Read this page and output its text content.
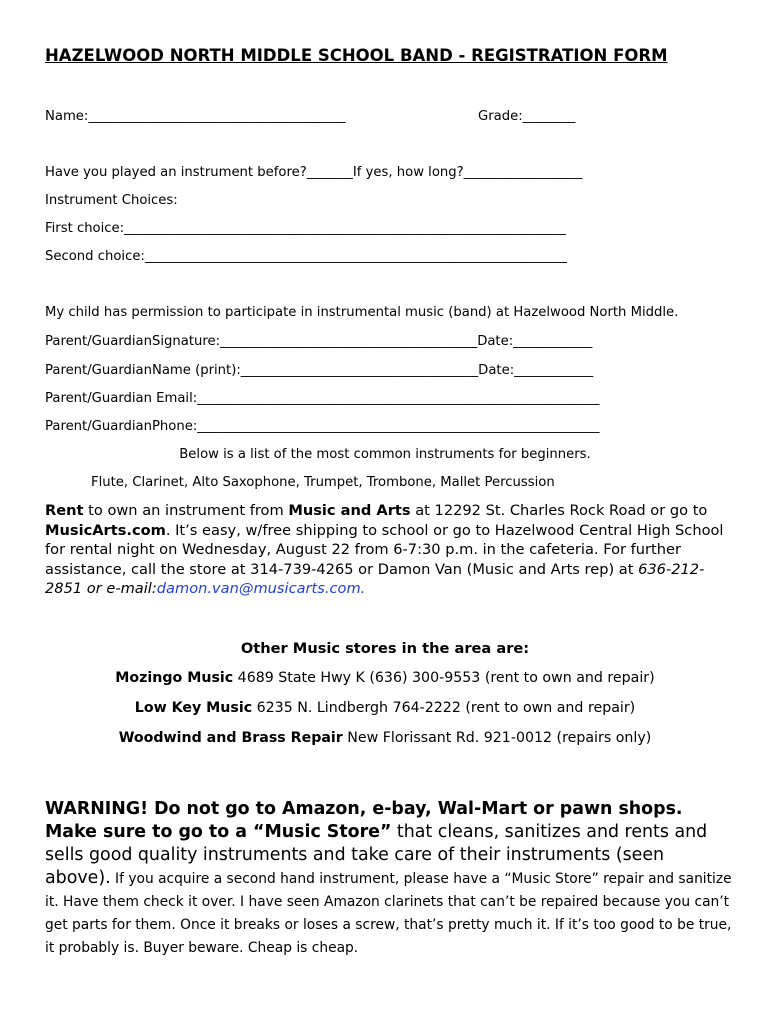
HAZELWOOD NORTH MIDDLE SCHOOL BAND - REGISTRATION FORM
Name:_______________________________________	Grade:________
Have you played an instrument before?_______If yes, how long?__________________
Instrument Choices:
First choice:___________________________________________________________________
Second choice:________________________________________________________________
My child has permission to participate in instrumental music (band) at Hazelwood North Middle.
Parent/GuardianSignature:_______________________________________Date:____________
Parent/GuardianName (print):____________________________________Date:____________
Parent/Guardian Email:_____________________________________________________________
Parent/GuardianPhone:_____________________________________________________________
Below is a list of the most common instruments for beginners.
Flute, Clarinet, Alto Saxophone, Trumpet, Trombone, Mallet Percussion
Rent to own an instrument from Music and Arts at 12292 St. Charles Rock Road or go to MusicArts.com. It’s easy, w/free shipping to school or go to Hazelwood Central High School for rental night on Wednesday, August 22 from 6-7:30 p.m. in the cafeteria. For further assistance, call the store at 314-739-4265 or Damon Van (Music and Arts rep) at 636-212-2851 or e-mail:damon.van@musicarts.com.
Other Music stores in the area are:
Mozingo Music 4689 State Hwy K (636) 300-9553 (rent to own and repair)
Low Key Music 6235 N. Lindbergh 764-2222 (rent to own and repair)
Woodwind and Brass Repair New Florissant Rd. 921-0012 (repairs only)
WARNING! Do not go to Amazon, e-bay, Wal-Mart or pawn shops. Make sure to go to a “Music Store” that cleans, sanitizes and rents and sells good quality instruments and take care of their instruments (seen above). If you acquire a second hand instrument, please have a “Music Store” repair and sanitize it. Have them check it over. I have seen Amazon clarinets that can’t be repaired because you can’t get parts for them. Once it breaks or loses a screw, that’s pretty much it. If it’s too good to be true, it probably is. Buyer beware. Cheap is cheap.
